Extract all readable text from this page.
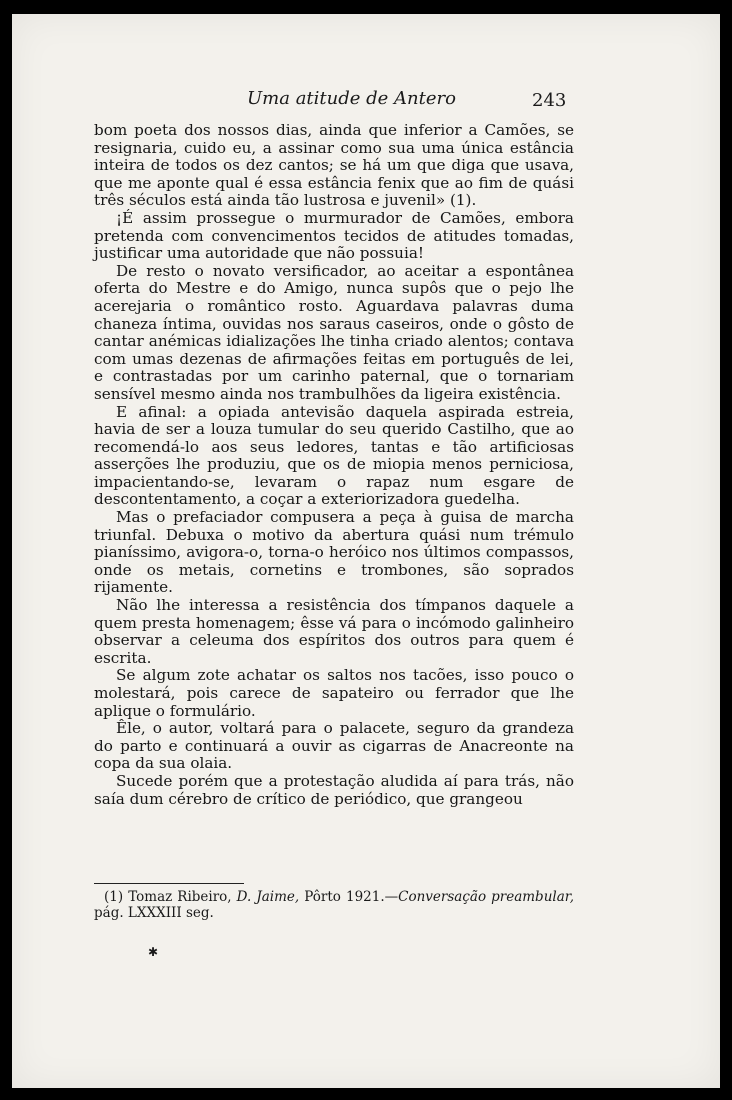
Uma atitude de Antero	243

bom poeta dos nossos dias, ainda que inferior a Camões, se resignaria, cuido eu, a assinar como sua uma única estância inteira de todos os dez cantos; se há um que diga que usava, que me aponte qual é essa estância fenix que ao fim de quási três séculos está ainda tão lustrosa e juvenil» (1).

¡É assim prossegue o murmurador de Camões, embora pretenda com convencimentos tecidos de atitudes tomadas, justificar uma autoridade que não possuia!

De resto o novato versificador, ao aceitar a espontânea oferta do Mestre e do Amigo, nunca supôs que o pejo lhe acerejaria o romântico rosto. Aguardava palavras duma chaneza íntima, ouvidas nos saraus caseiros, onde o gôsto de cantar anémicas idializações lhe tinha criado alentos; contava com umas dezenas de afirmações feitas em português de lei, e contrastadas por um carinho paternal, que o tornariam sensível mesmo ainda nos trambulhões da ligeira existência.

E afinal: a opiada antevisão daquela aspirada estreia, havia de ser a louza tumular do seu querido Castilho, que ao recomendá-lo aos seus ledores, tantas e tão artificiosas asserções lhe produziu, que os de miopia menos perniciosa, impacientando-se, levaram o rapaz num esgare de descontentamento, a coçar a exteriorizadora guedelha.

Mas o prefaciador compusera a peça à guisa de marcha triunfal. Debuxa o motivo da abertura quási num trémulo pianíssimo, avigora-o, torna-o heróico nos últimos compassos, onde os metais, cornetins e trombones, são soprados rijamente.

Não lhe interessa a resistência dos tímpanos daquele a quem presta homenagem; êsse vá para o incómodo galinheiro observar a celeuma dos espíritos dos outros para quem é escrita.

Se algum zote achatar os saltos nos tacões, isso pouco o molestará, pois carece de sapateiro ou ferrador que lhe aplique o formulário.

Êle, o autor, voltará para o palacete, seguro da grandeza do parto e continuará a ouvir as cigarras de Anacreonte na copa da sua olaia.

Sucede porém que a protestação aludida aí para trás, não saía dum cérebro de crítico de periódico, que grangeou

(1) Tomaz Ribeiro, D. Jaime, Pôrto 1921.—Conversação preambular, pág. LXXXIII seg.
✱
